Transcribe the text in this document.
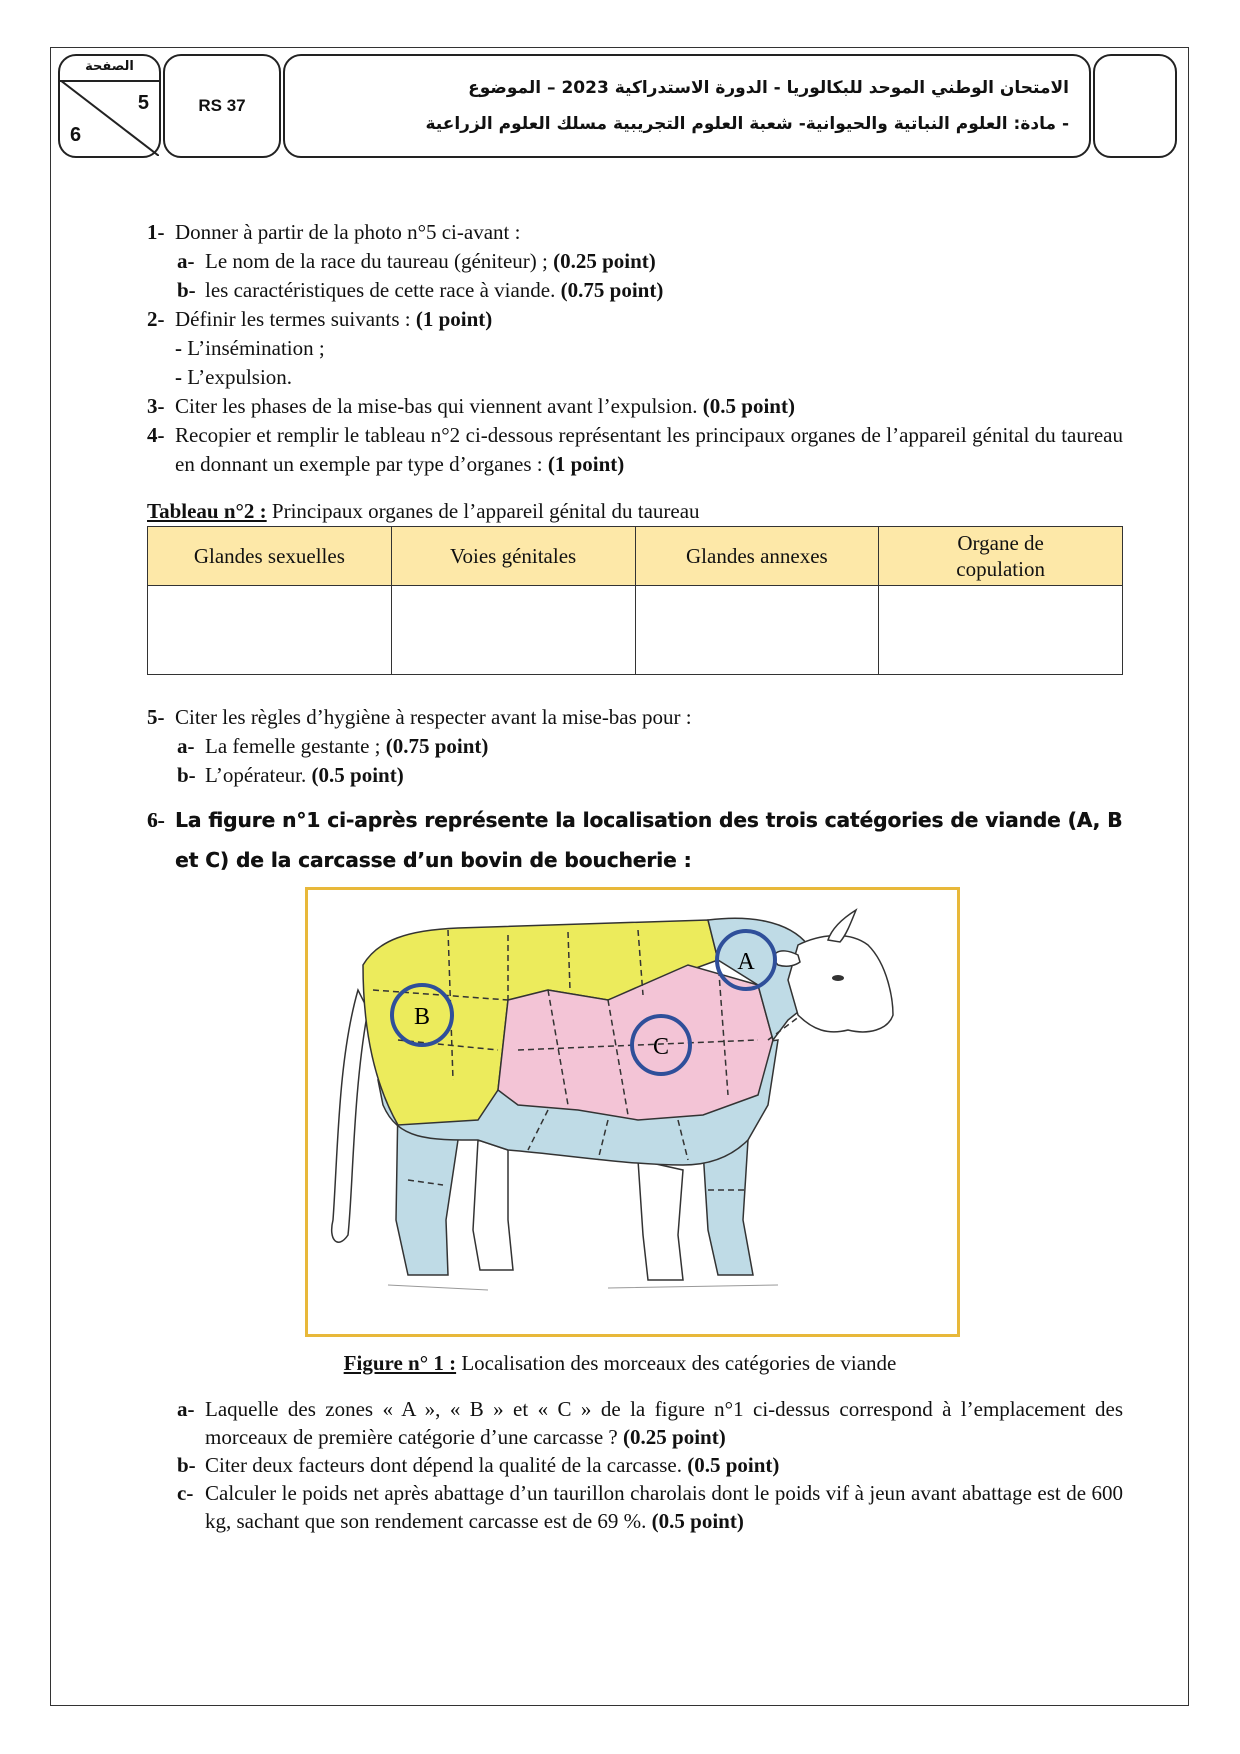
الصفحة
5
6
RS 37
الامتحان الوطني الموحد للبكالوريا - الدورة الاستدراكية 2023 – الموضوع
- مادة: العلوم النباتية والحيوانية- شعبة العلوم التجريبية مسلك العلوم الزراعية
1- Donner à partir de la photo n°5 ci-avant :
a- Le nom de la race du taureau (géniteur) ; (0.25 point)
b- les caractéristiques de cette race à viande. (0.75 point)
2- Définir les termes suivants : (1 point)
- L’insémination ;
- L’expulsion.
3- Citer les phases de la mise-bas qui viennent avant l’expulsion. (0.5 point)
4- Recopier et remplir le tableau n°2 ci-dessous représentant les principaux organes de l’appareil génital du taureau en donnant un exemple par type d’organes : (1 point)
Tableau n°2 : Principaux organes de l’appareil génital du taureau
Glandes sexuelles	Voies génitales	Glandes annexes	Organe de copulation

5- Citer les règles d’hygiène à respecter avant la mise-bas pour :
a- La femelle gestante ; (0.75 point)
b- L’opérateur. (0.5 point)
6- La figure n°1 ci-après représente la localisation des trois catégories de viande (A, B et C) de la carcasse d’un bovin de boucherie :
A
B
C
Figure n° 1 : Localisation des morceaux des catégories de viande
a- Laquelle des zones « A », « B » et « C » de la figure n°1 ci-dessus correspond à l’emplacement des morceaux de première catégorie d’une carcasse ? (0.25 point)
b- Citer deux facteurs dont dépend la qualité de la carcasse. (0.5 point)
c- Calculer le poids net après abattage d’un taurillon charolais dont le poids vif à jeun avant abattage est de 600 kg, sachant que son rendement carcasse est de 69 %. (0.5 point)
